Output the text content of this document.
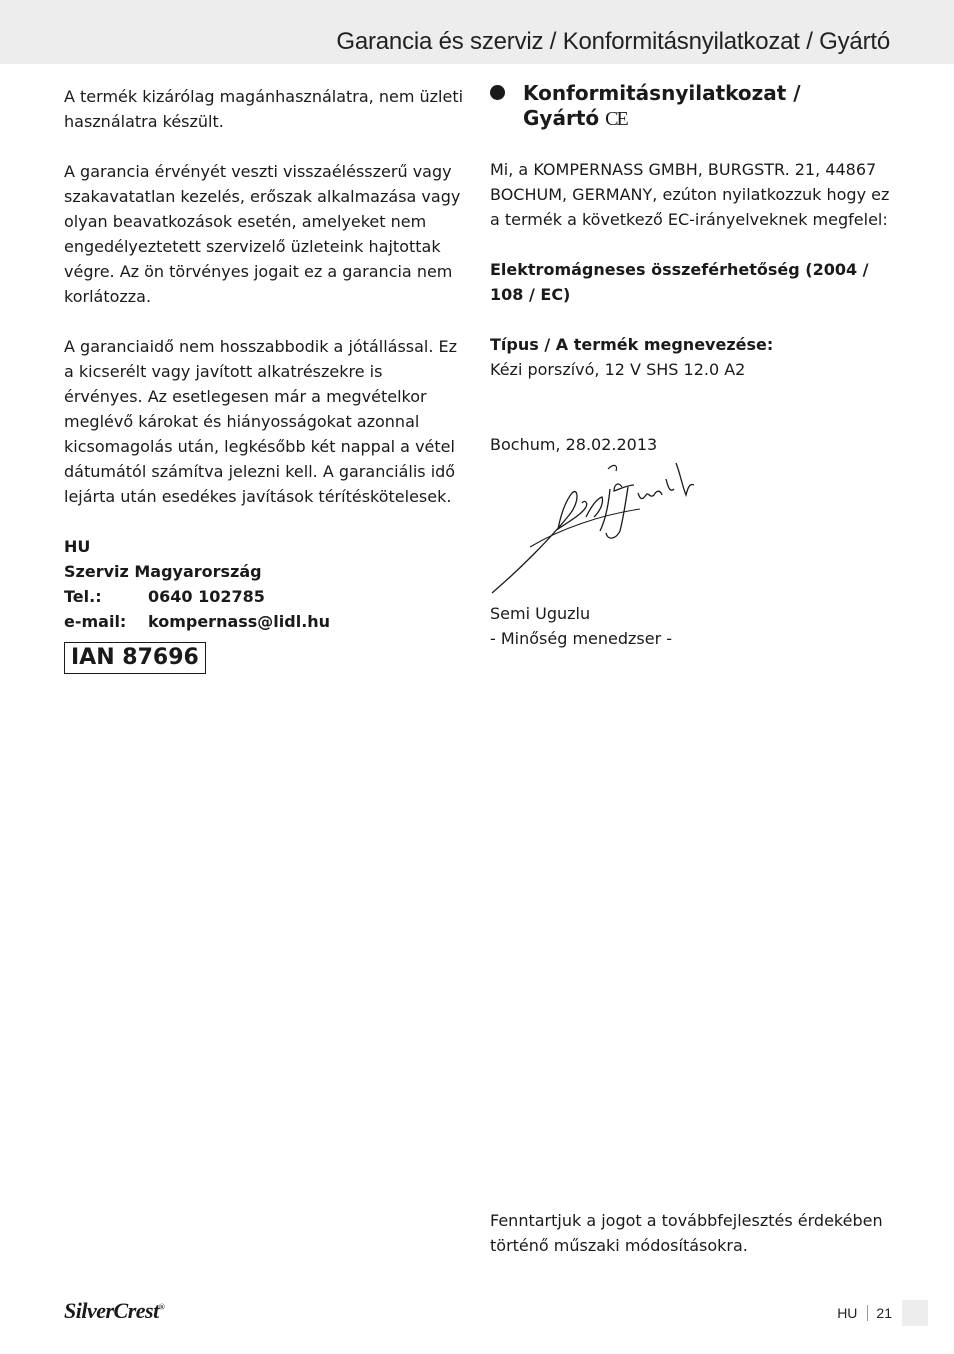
Garancia és szerviz / Konformitásnyilatkozat / Gyártó

A termék kizárólag magánhasználatra, nem üzleti használatra készült.

A garancia érvényét veszti visszaélésszerű vagy szakavatatlan kezelés, erőszak alkalmazása vagy olyan beavatkozások esetén, amelyeket nem engedélyeztetett szervizelő üzleteink hajtottak végre. Az ön törvényes jogait ez a garancia nem korlátozza.

A garanciaidő nem hosszabbodik a jótállással. Ez a kicserélt vagy javított alkatrészekre is érvényes. Az esetlegesen már a megvételkor meglévő károkat és hiányosságokat azonnal kicsomagolás után, legkésőbb két nappal a vétel dátumától számítva jelezni kell. A garanciális idő lejárta után esedékes javítások térítéskötelesek.

HU
Szerviz Magyarország
Tel.:	0640 102785
e-mail:	kompernass@lidl.hu
IAN 87696
Konformitásnyilatkozat / Gyártó CE

Mi, a KOMPERNASS GMBH, BURGSTR. 21, 44867 BOCHUM, GERMANY, ezúton nyilatkozzuk hogy ez a termék a következő EC-irányelveknek megfelel:

Elektromágneses összeférhetőség (2004 / 108 / EC)

Típus / A termék megnevezése:

Kézi porszívó, 12 V SHS 12.0 A2

Bochum, 28.02.2013

Semi Uguzlu

- Minőség menedzser -

Fenntartjuk a jogot a továbbfejlesztés érdekében történő műszaki módosításokra.
SilverCrest®	HU	21
